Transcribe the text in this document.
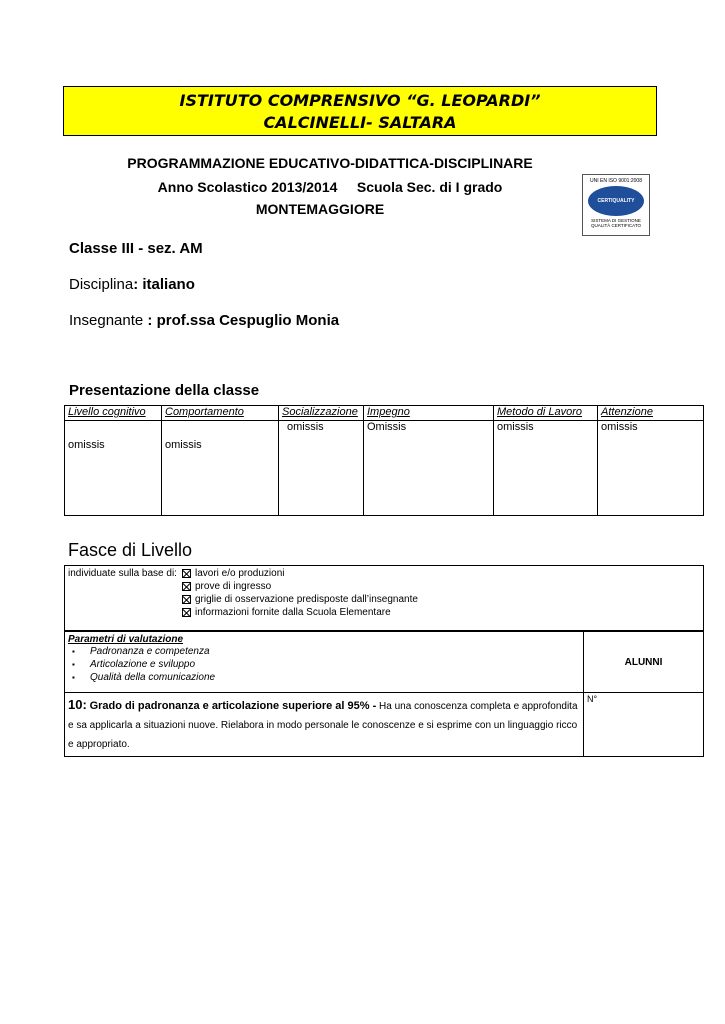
ISTITUTO COMPRENSIVO “G. LEOPARDI”
CALCINELLI- SALTARA
PROGRAMMAZIONE EDUCATIVO-DIDATTICA-DISCIPLINARE
Anno Scolastico 2013/2014     Scuola Sec. di I grado
MONTEMAGGIORE
UNI EN ISO 9001:2008
CERTIQUALITY
SISTEMA DI GESTIONE QUALITÀ CERTIFICATO
Classe III - sez. AM
Disciplina: italiano
Insegnante : prof.ssa Cespuglio Monia
Presentazione della classe
Livello cognitivo	Comportamento	Socializzazione	Impegno	Metodo di Lavoro	Attenzione
omissis	omissis	omissis	Omissis	omissis	omissis
Fasce di Livello
individuate sulla base di: lavori e/o produzioni
prove di ingresso
griglie di osservazione predisposte dall’insegnante
informazioni fornite dalla Scuola Elementare
Parametri di valutazione
▪ Padronanza e competenza
▪ Articolazione e sviluppo
▪ Qualità della comunicazione	ALUNNI
10: Grado di padronanza e articolazione superiore al 95% - Ha una conoscenza completa e approfondita e sa applicarla a situazioni nuove. Rielabora in modo personale le conoscenze e si esprime con un linguaggio ricco e appropriato.	N°
